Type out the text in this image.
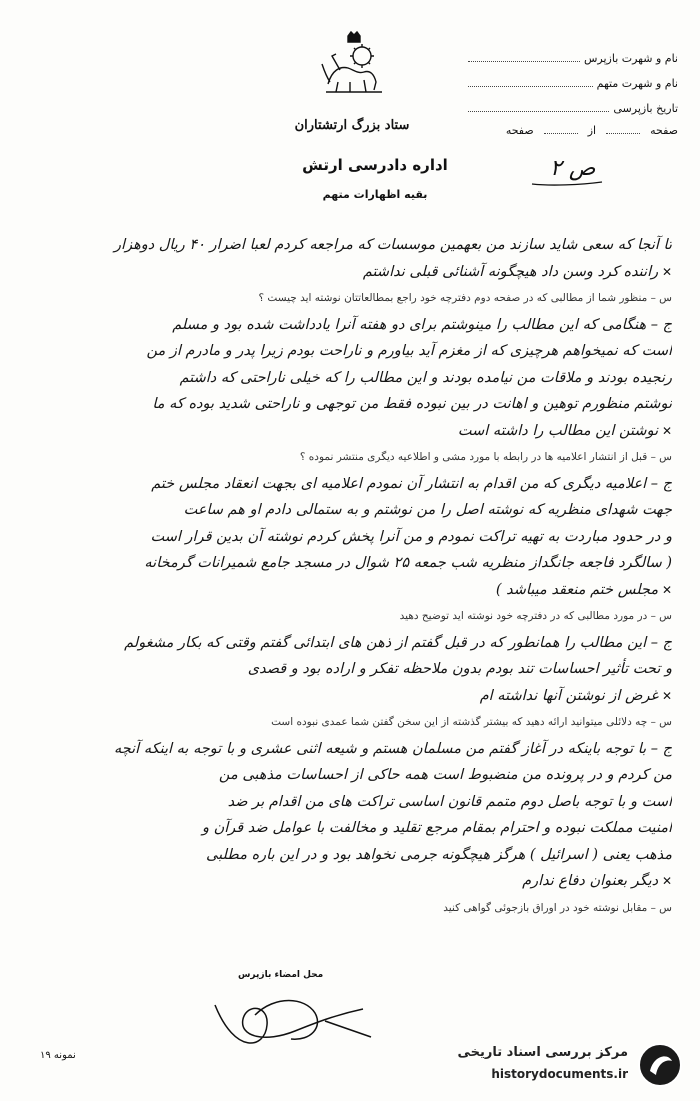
ستاد بزرگ ارتشتاران
اداره دادرسی ارتش
بقیه اظهارات متهم
نام و شهرت بازپرس
نام و شهرت متهم
تاریخ بازپرسی
صفحه
از
صفحه
ص ۲
تا آنجا که سعی شاید سازند من بعهمین موسسات که مراجعه کردم لعبا اضرار ۴۰ ریال دوهزار
✕ راننده کرد وسن داد هیچگونه آشنائی قبلی نداشتم
س – منظور شما از مطالبی که در صفحه دوم دفترچه خود راجع بمطالعاتتان نوشته اید چیست ؟
ج – هنگامی که این مطالب را مینوشتم برای دو هفته آنرا یادداشت شده بود و مسلم
است که نمیخواهم هرچیزی که از مغزم آید بیاورم و ناراحت بودم زیرا پدر و مادرم از من
رنجیده بودند و ملاقات من نیامده بودند و این مطالب را که خیلی ناراحتی که داشتم
نوشتم منظورم توهین و اهانت در بین نبوده فقط من توجهی و ناراحتی شدید بوده که ما
✕ نوشتن این مطالب را داشته است
س – قبل از انتشار اعلامیه ها در رابطه با مورد مشی و اطلاعیه دیگری منتشر نموده ؟
ج – اعلامیه دیگری که من اقدام به انتشار آن نمودم اعلامیه ای بجهت انعقاد مجلس ختم
جهت شهدای منظریه که نوشته اصل را من نوشتم و به ستمالی دادم او هم ساعت
و در حدود مباردت به تهیه تراکت نمودم و من آنرا پخش کردم نوشته آن بدین قرار است
( سالگرد فاجعه جانگداز منظریه شب جمعه ۲۵ شوال در مسجد جامع شمیرانات گرمخانه
✕ مجلس ختم منعقد میباشد )
س – در مورد مطالبی که در دفترچه خود نوشته اید توضیح دهید
ج – این مطالب را همانطور که در قبل گفتم از ذهن های ابتدائی گفتم وقتی که بکار مشغولم
و تحت تأثیر احساسات تند بودم بدون ملاحظه تفکر و اراده بود و قصدی
✕ غرض از نوشتن آنها نداشته ام
س – چه دلائلی میتوانید ارائه دهید که بیشتر گذشته از این سخن گفتن شما عمدی نبوده است
ج – با توجه باینکه در آغاز گفتم من مسلمان هستم و شیعه اثنی عشری و با توجه به اینکه آنچه
من کردم و در پرونده من منضبوط است همه حاکی از احساسات مذهبی من
است و با توجه باصل دوم متمم قانون اساسی تراکت های من اقدام بر ضد
امنیت مملکت نبوده و احترام بمقام مرجع تقلید و مخالفت با عوامل ضد قرآن و
مذهب یعنی ( اسرائیل ) هرگز هیچگونه جرمی نخواهد بود و در این باره مطلبی
✕ دیگر بعنوان دفاع ندارم
س – مقابل نوشته خود در اوراق بازجوئی گواهی کنید
محل امضاء بازپرس
نمونه ۱۹	مرکز بررسی اسناد تاریخی
historydocuments.ir
